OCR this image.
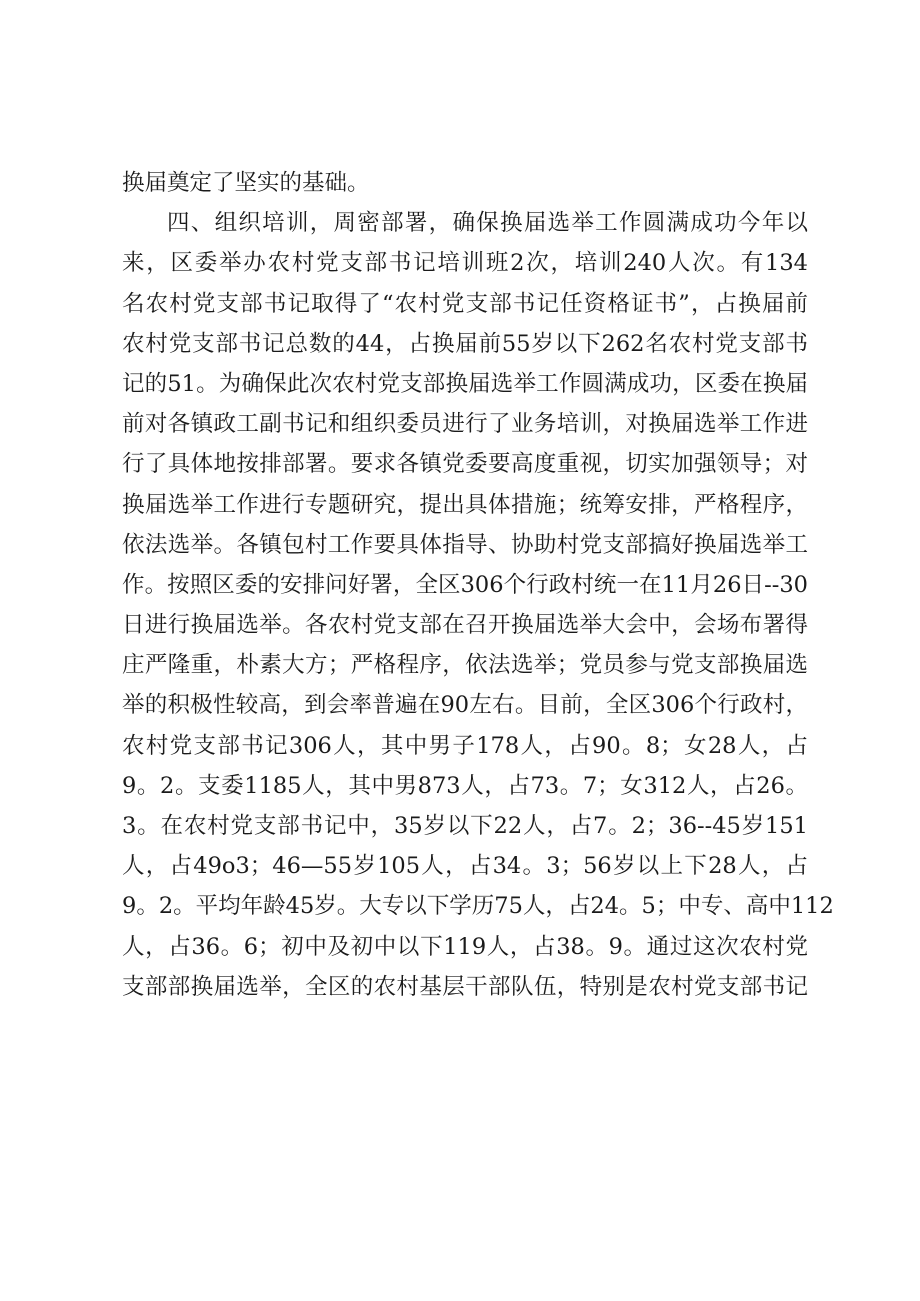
换届奠定了坚实的基础。
四、组织培训，周密部署，确保换届选举工作圆满成功今年以
来，区委举办农村党支部书记培训班2次，培训240人次。有134
名农村党支部书记取得了“农村党支部书记任资格证书”，占换届前
农村党支部书记总数的44，占换届前55岁以下262名农村党支部书
记的51。为确保此次农村党支部换届选举工作圆满成功，区委在换届
前对各镇政工副书记和组织委员进行了业务培训，对换届选举工作进
行了具体地按排部署。要求各镇党委要高度重视，切实加强领导；对
换届选举工作进行专题研究，提出具体措施；统筹安排，严格程序，
依法选举。各镇包村工作要具体指导、协助村党支部搞好换届选举工
作。按照区委的安排问好署，全区306个行政村统一在11月26日--30
日进行换届选举。各农村党支部在召开换届选举大会中，会场布署得
庄严隆重，朴素大方；严格程序，依法选举；党员参与党支部换届选
举的积极性较高，到会率普遍在90左右。目前，全区306个行政村，
农村党支部书记306人，其中男子178人，占90。8；女28人，占
9。2。支委1185人，其中男873人，占73。7；女312人，占26。
3。在农村党支部书记中，35岁以下22人，占7。2；36--45岁151
人，占49o3；46—55岁105人，占34。3；56岁以上下28人，占
9。2。平均年龄45岁。大专以下学历75人，占24。5；中专、高中112
人，占36。6；初中及初中以下119人，占38。9。通过这次农村党
支部部换届选举，全区的农村基层干部队伍，特别是农村党支部书记
